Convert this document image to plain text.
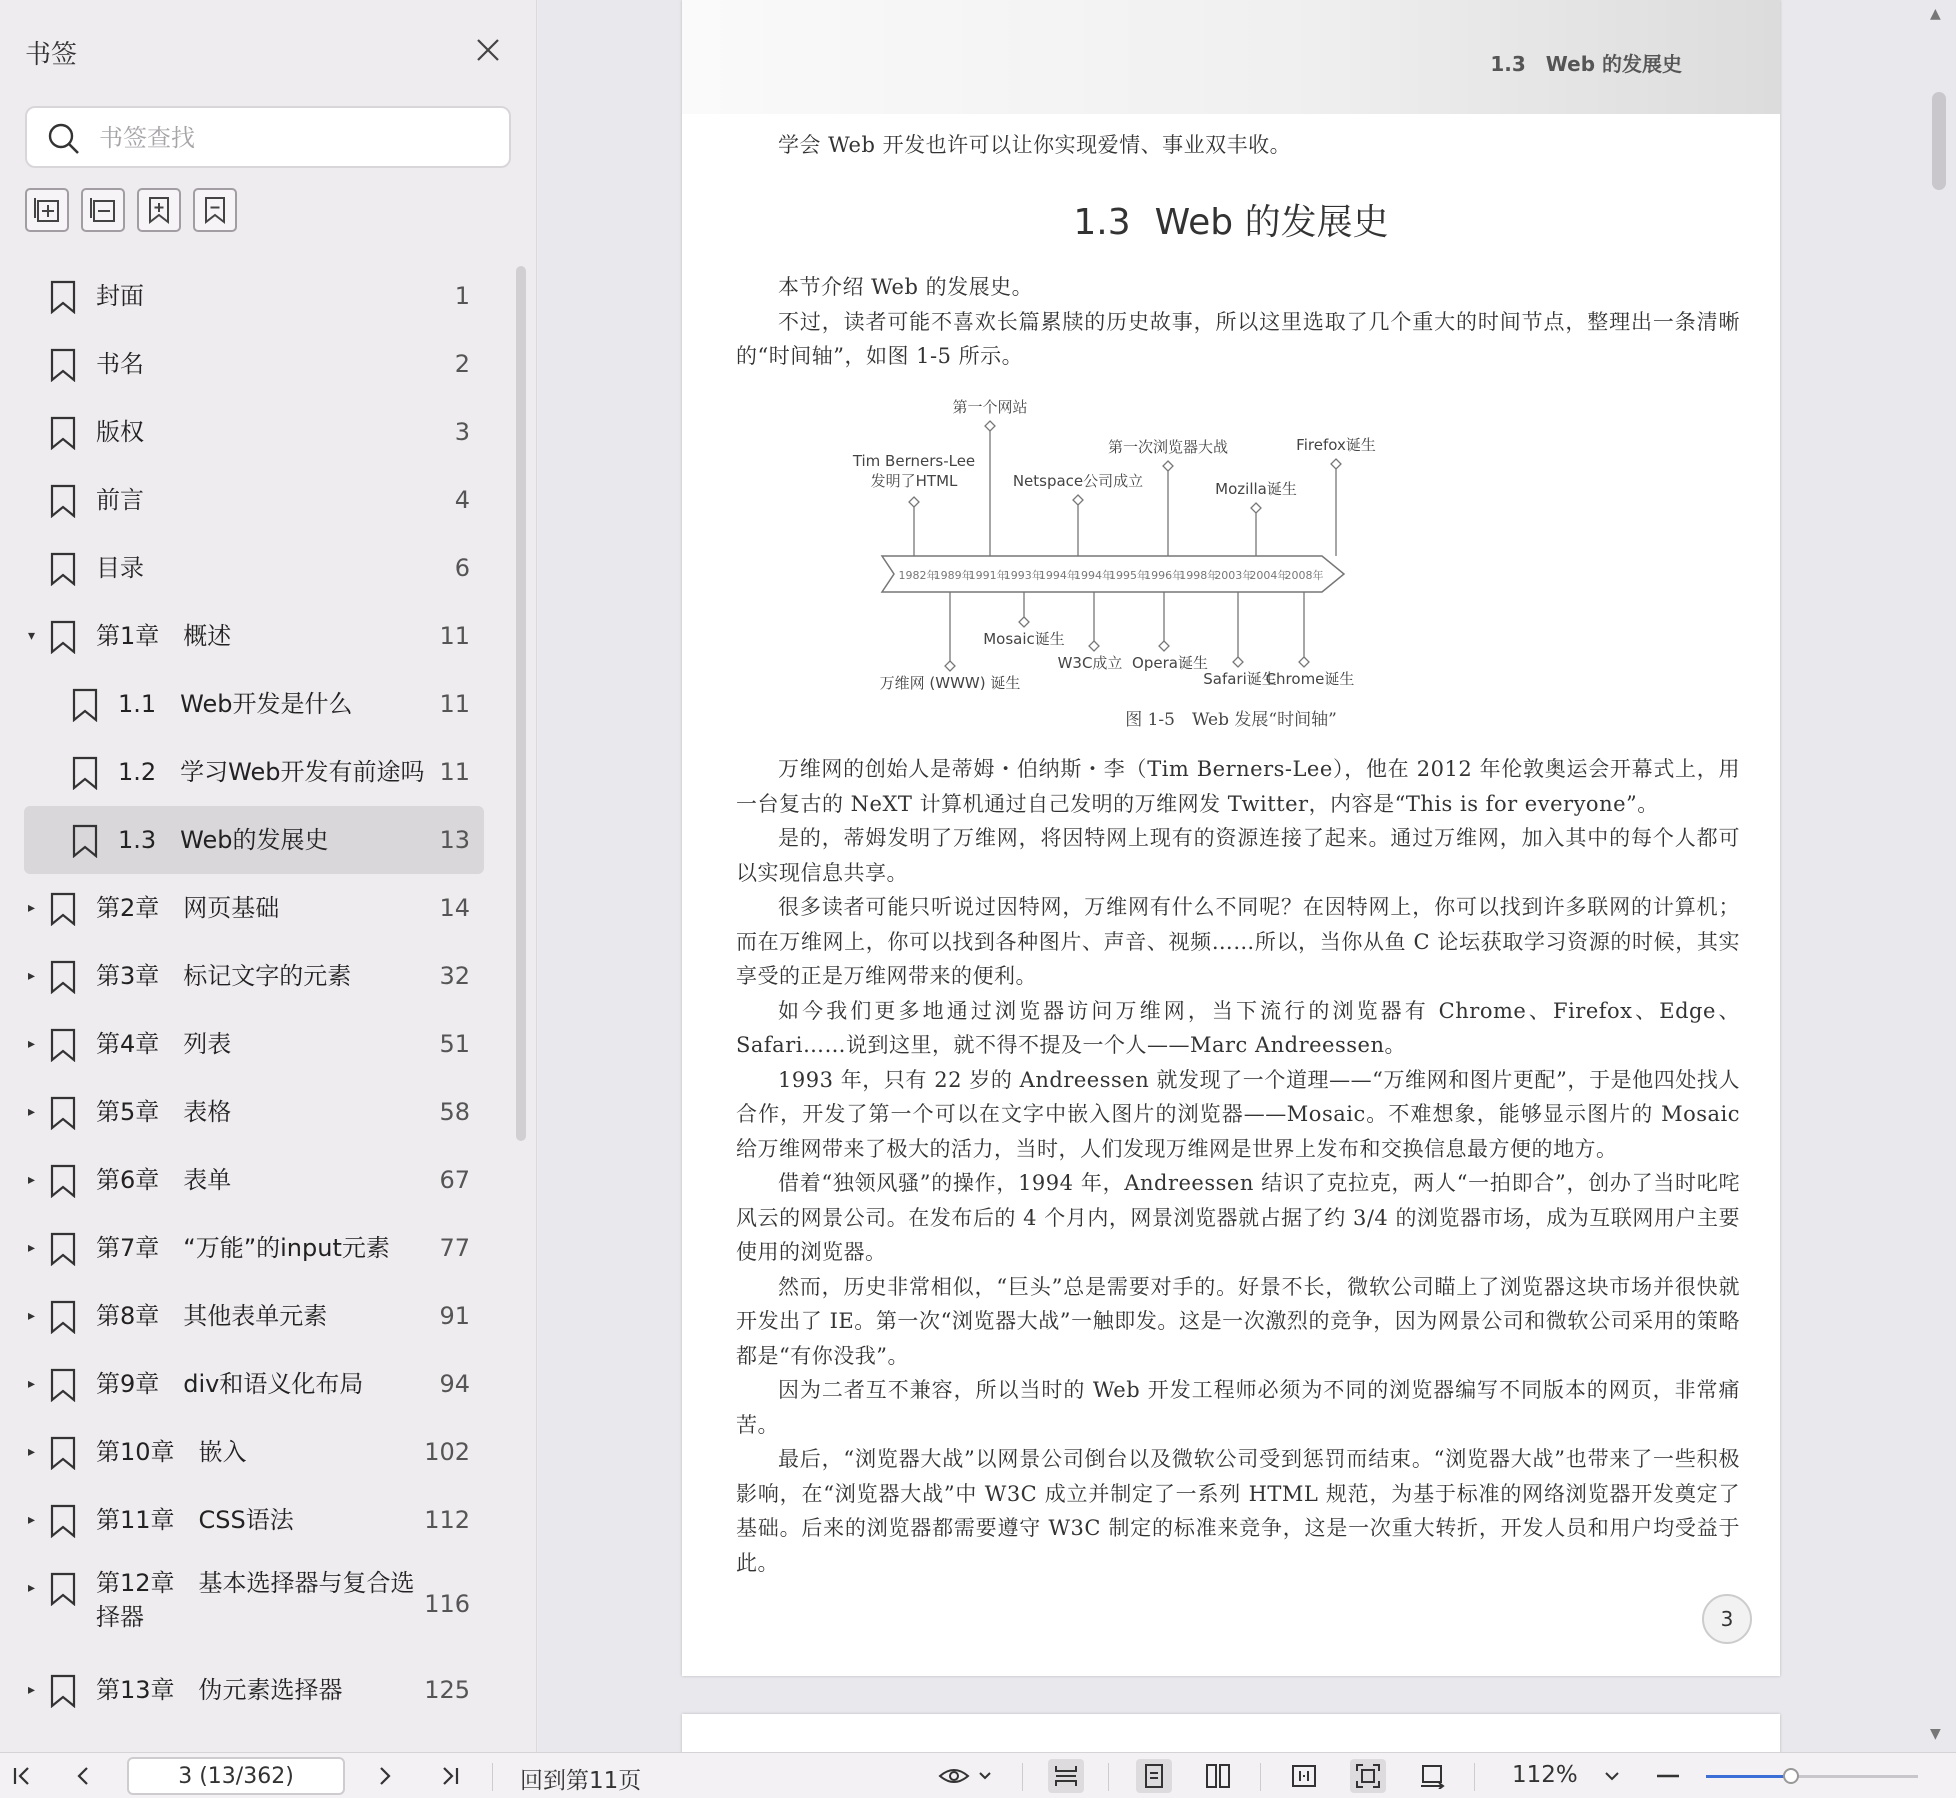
书签
书签查找
封面	1
书名	2
版权	3
前言	4
目录	6
▾	第1章　概述	11
1.1　Web开发是什么	11
1.2　学习Web开发有前途吗 11
1.3　Web的发展史	13
▸	第2章　网页基础	14
▸	第3章　标记文字的元素	32
▸	第4章　列表	51
▸	第5章　表格	58
▸	第6章　表单	67
▸	第7章　“万能”的input元素 77
▸	第8章　其他表单元素	91
▸	第9章　div和语义化布局	94
▸	第10章　嵌入	102
▸	第11章　CSS语法	112
▸	第12章　基本选择器与复合选择器	116
▸	第13章　伪元素选择器	125
1.3　Web 的发展史

学会 Web 开发也许可以让你实现爱情、事业双丰收。

1.3 Web 的发展史

本节介绍 Web 的发展史。

不过，读者可能不喜欢长篇累牍的历史故事，所以这里选取了几个重大的时间节点，整理出一条清晰的“时间轴”，如图 1-5 所示。

1982年
1989年
1991年
1993年
1994年
1994年
1995年
1996年
1998年
2003年
2004年
2008年
Tim Berners-Lee
发明了HTML
第一个网站
Netspace公司成立
第一次浏览器大战
Mozilla诞生
Firefox诞生
万维网 (WWW) 诞生
Mosaic诞生
W3C成立 Opera诞生
Safari诞生
Chrome诞生
图 1-5　Web 发展“时间轴”

万维网的创始人是蒂姆・伯纳斯・李（Tim Berners-Lee），他在 2012 年伦敦奥运会开幕式上，用一台复古的 NeXT 计算机通过自己发明的万维网发 Twitter，内容是“This is for everyone”。

是的，蒂姆发明了万维网，将因特网上现有的资源连接了起来。通过万维网，加入其中的每个人都可以实现信息共享。

很多读者可能只听说过因特网，万维网有什么不同呢？在因特网上，你可以找到许多联网的计算机；而在万维网上，你可以找到各种图片、声音、视频……所以，当你从鱼 C 论坛获取学习资源的时候，其实享受的正是万维网带来的便利。

如今我们更多地通过浏览器访问万维网，当下流行的浏览器有 Chrome、Firefox、Edge、Safari……说到这里，就不得不提及一个人——Marc Andreessen。

1993 年，只有 22 岁的 Andreessen 就发现了一个道理——“万维网和图片更配”，于是他四处找人合作，开发了第一个可以在文字中嵌入图片的浏览器——Mosaic。不难想象，能够显示图片的 Mosaic 给万维网带来了极大的活力，当时，人们发现万维网是世界上发布和交换信息最方便的地方。

借着“独领风骚”的操作，1994 年，Andreessen 结识了克拉克，两人“一拍即合”，创办了当时叱咤风云的网景公司。在发布后的 4 个月内，网景浏览器就占据了约 3/4 的浏览器市场，成为互联网用户主要使用的浏览器。

然而，历史非常相似，“巨头”总是需要对手的。好景不长，微软公司瞄上了浏览器这块市场并很快就开发出了 IE。第一次“浏览器大战”一触即发。这是一次激烈的竞争，因为网景公司和微软公司采用的策略都是“有你没我”。

因为二者互不兼容，所以当时的 Web 开发工程师必须为不同的浏览器编写不同版本的网页，非常痛苦。

最后，“浏览器大战”以网景公司倒台以及微软公司受到惩罚而结束。“浏览器大战”也带来了一些积极影响，在“浏览器大战”中 W3C 成立并制定了一系列 HTML 规范，为基于标准的网络浏览器开发奠定了基础。后来的浏览器都需要遵守 W3C 制定的标准来竞争，这是一次重大转折，开发人员和用户均受益于此。

3
▲
▼
3 (13/362)
回到第11页	112%
